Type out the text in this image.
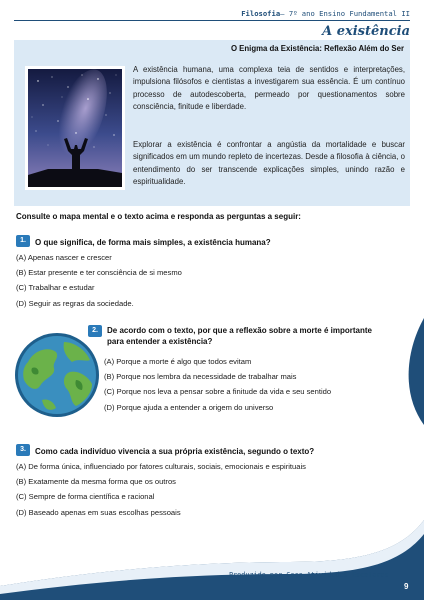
Filosofia– 7º ano Ensino Fundamental II
A existência
O Enigma da Existência: Reflexão Além do Ser
A existência humana, uma complexa teia de sentidos e interpretações, impulsiona filósofos e cientistas a investigarem sua essência. É um contínuo processo de autodescoberta, permeado por questionamentos sobre consciência, finitude e liberdade.
Explorar a existência é confrontar a angústia da mortalidade e buscar significados em um mundo repleto de incertezas. Desde a filosofia à ciência, o entendimento do ser transcende explicações simples, unindo razão e espiritualidade.
Consulte o mapa mental e o texto acima e responda as perguntas a seguir:
1. O que significa, de forma mais simples, a existência humana?
(A) Apenas nascer e crescer
(B) Estar presente e ter consciência de si mesmo
(C) Trabalhar e estudar
(D) Seguir as regras da sociedade.
2. De acordo com o texto, por que a reflexão sobre a morte é importante para entender a existência?
(A) Porque a morte é algo que todos evitam
(B) Porque nos lembra da necessidade de trabalhar mais
(C) Porque nos leva a pensar sobre a finitude da vida e seu sentido
(D) Porque ajuda a entender a origem do universo
3. Como cada indivíduo vivencia a sua própria existência, segundo o texto?
(A) De forma única, influenciado por fatores culturais, sociais, emocionais e espirituais
(B) Exatamente da mesma forma que os outros
(C) Sempre de forma científica e racional
(D) Baseado apenas em suas escolhas pessoais
Produzido por Caça-Atividades Escolares
9
